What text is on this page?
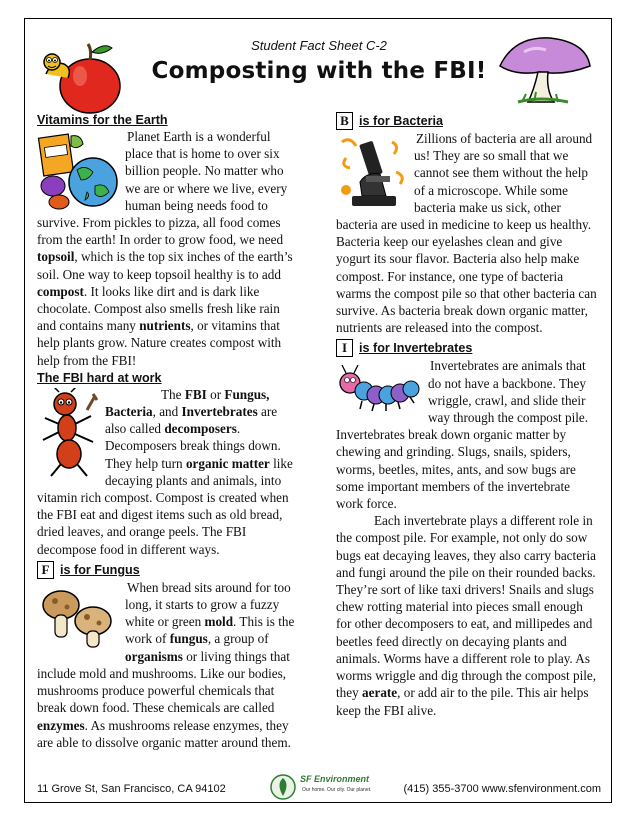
Student Fact Sheet C-2
Composting with the FBI!
Vitamins for the Earth

Planet Earth is a wonderful place that is home to over six billion people. No matter who we are or where we live, every human being needs food to survive. From pickles to pizza, all food comes from the earth! In order to grow food, we need topsoil, which is the top six inches of the earth’s soil. One way to keep topsoil healthy is to add compost. It looks like dirt and is dark like chocolate. Compost also smells fresh like rain and contains many nutrients, or vitamins that help plants grow. Nature creates compost with help from the FBI!

The FBI hard at work

The FBI or Fungus, Bacteria, and Invertebrates are also called decomposers. Decomposers break things down. They help turn organic matter like decaying plants and animals, into vitamin rich compost. Compost is created when the FBI eat and digest items such as old bread, dried leaves, and orange peels. The FBI decompose food in different ways.

F is for Fungus

When bread sits around for too long, it starts to grow a fuzzy white or green mold. This is the work of fungus, a group of organisms or living things that include mold and mushrooms. Like our bodies, mushrooms produce powerful chemicals that break down food. These chemicals are called enzymes. As mushrooms release enzymes, they are able to dissolve organic matter around them.

B is for Bacteria

Zillions of bacteria are all around us! They are so small that we cannot see them without the help of a microscope. While some bacteria make us sick, other bacteria are used in medicine to keep us healthy. Bacteria keep our eyelashes clean and give yogurt its sour flavor. Bacteria also help make compost. For instance, one type of bacteria warms the compost pile so that other bacteria can survive. As bacteria break down organic matter, nutrients are released into the compost.

I is for Invertebrates

Invertebrates are animals that do not have a backbone. They wriggle, crawl, and slide their way through the compost pile. Invertebrates break down organic matter by chewing and grinding. Slugs, snails, spiders, worms, beetles, mites, ants, and sow bugs are some important members of the invertebrate work force.

Each invertebrate plays a different role in the compost pile. For example, not only do sow bugs eat decaying leaves, they also carry bacteria and fungi around the pile on their rounded backs. They’re sort of like taxi drivers! Snails and slugs chew rotting material into pieces small enough for other decomposers to eat, and millipedes and beetles feed directly on decaying plants and animals. Worms have a different role to play. As worms wriggle and dig through the compost pile, they aerate, or add air to the pile. This air helps keep the FBI alive.

11 Grove St, San Francisco, CA 94102
SF Environment
Our home. Our city. Our planet.	(415) 355-3700 www.sfenvironment.com
